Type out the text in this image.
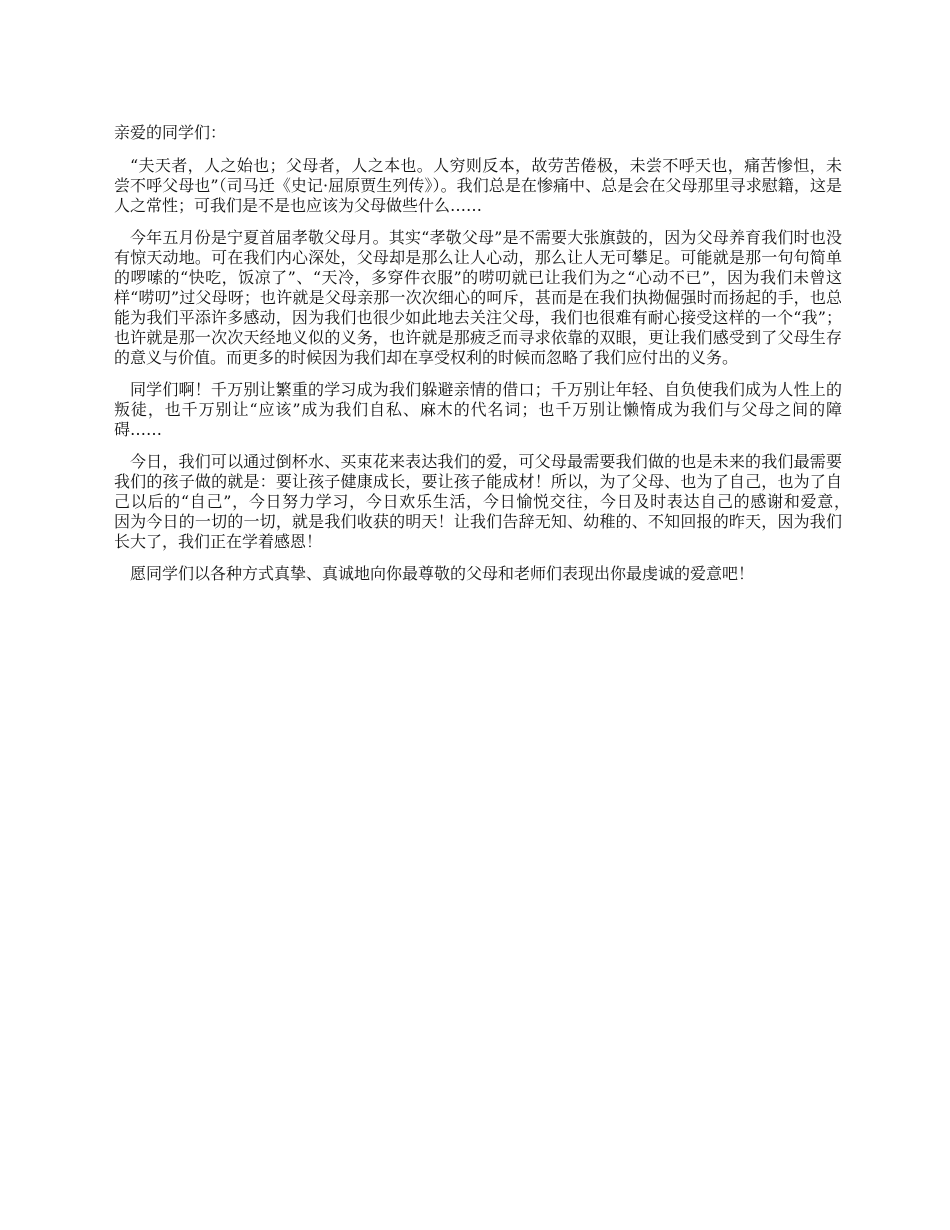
亲爱的同学们：

“夫天者，人之始也；父母者，人之本也。人穷则反本，故劳苦倦极，未尝不呼天也，痛苦惨怛，未尝不呼父母也”（司马迁《史记·屈原贾生列传》）。我们总是在惨痛中、总是会在父母那里寻求慰籍，这是人之常性；可我们是不是也应该为父母做些什么……

今年五月份是宁夏首届孝敬父母月。其实“孝敬父母”是不需要大张旗鼓的，因为父母养育我们时也没有惊天动地。可在我们内心深处，父母却是那么让人心动，那么让人无可攀足。可能就是那一句句简单的啰嗦的“快吃，饭凉了”、“天冷，多穿件衣服”的唠叨就已让我们为之“心动不已”，因为我们未曾这样“唠叨”过父母呀；也许就是父母亲那一次次细心的呵斥，甚而是在我们执拗倔强时而扬起的手，也总能为我们平添许多感动，因为我们也很少如此地去关注父母，我们也很难有耐心接受这样的一个“我”；也许就是那一次次天经地义似的义务，也许就是那疲乏而寻求依靠的双眼，更让我们感受到了父母生存的意义与价值。而更多的时候因为我们却在享受权利的时候而忽略了我们应付出的义务。

同学们啊！千万别让繁重的学习成为我们躲避亲情的借口；千万别让年轻、自负使我们成为人性上的叛徒，也千万别让“应该”成为我们自私、麻木的代名词；也千万别让懒惰成为我们与父母之间的障碍……

今日，我们可以通过倒杯水、买束花来表达我们的爱，可父母最需要我们做的也是未来的我们最需要我们的孩子做的就是：要让孩子健康成长，要让孩子能成材！所以，为了父母、也为了自己，也为了自己以后的“自己”，今日努力学习，今日欢乐生活，今日愉悦交往，今日及时表达自己的感谢和爱意，　　因为今日的一切的一切，就是我们收获的明天！让我们告辞无知、幼稚的、不知回报的昨天，因为我们长大了，我们正在学着感恩！

愿同学们以各种方式真挚、真诚地向你最尊敬的父母和老师们表现出你最虔诚的爱意吧！
